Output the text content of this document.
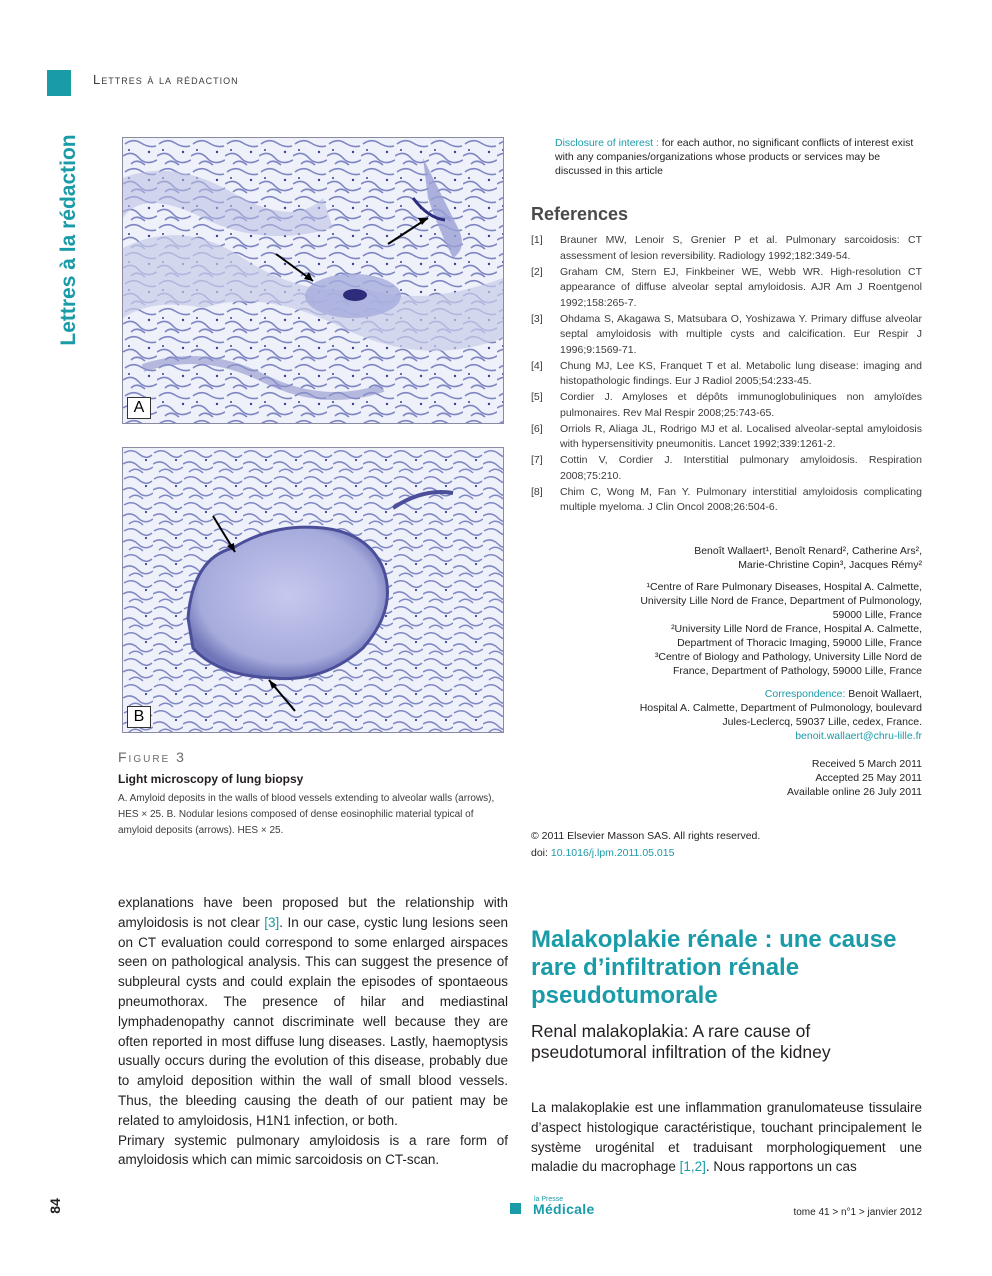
Lettres à la rédaction
Lettres à la rédaction
A
B
Figure 3
Light microscopy of lung biopsy
A. Amyloid deposits in the walls of blood vessels extending to alveolar walls (arrows), HES × 25. B. Nodular lesions composed of dense eosinophilic material typical of amyloid deposits (arrows). HES × 25.
Disclosure of interest : for each author, no significant conflicts of interest exist with any companies/organizations whose products or services may be discussed in this article
References
[1]	Brauner MW, Lenoir S, Grenier P et al. Pulmonary sarcoidosis: CT assessment of lesion reversibility. Radiology 1992;182:349-54.
[2]	Graham CM, Stern EJ, Finkbeiner WE, Webb WR. High-resolution CT appearance of diffuse alveolar septal amyloidosis. AJR Am J Roentgenol 1992;158:265-7.
[3]	Ohdama S, Akagawa S, Matsubara O, Yoshizawa Y. Primary diffuse alveolar septal amyloidosis with multiple cysts and calcification. Eur Respir J 1996;9:1569-71.
[4]	Chung MJ, Lee KS, Franquet T et al. Metabolic lung disease: imaging and histopathologic findings. Eur J Radiol 2005;54:233-45.
[5]	Cordier J. Amyloses et dépôts immunoglobuliniques non amyloïdes pulmonaires. Rev Mal Respir 2008;25:743-65.
[6]	Orriols R, Aliaga JL, Rodrigo MJ et al. Localised alveolar-septal amyloidosis with hypersensitivity pneumonitis. Lancet 1992;339:1261-2.
[7]	Cottin V, Cordier J. Interstitial pulmonary amyloidosis. Respiration 2008;75:210.
[8]	Chim C, Wong M, Fan Y. Pulmonary interstitial amyloidosis complicating multiple myeloma. J Clin Oncol 2008;26:504-6.
Benoît Wallaert¹, Benoît Renard², Catherine Ars²,
Marie-Christine Copin³, Jacques Rémy²
¹Centre of Rare Pulmonary Diseases, Hospital A. Calmette,
University Lille Nord de France, Department of Pulmonology,
59000 Lille, France
²University Lille Nord de France, Hospital A. Calmette,
Department of Thoracic Imaging, 59000 Lille, France
³Centre of Biology and Pathology, University Lille Nord de
France, Department of Pathology, 59000 Lille, France
Correspondence: Benoit Wallaert,
Hospital A. Calmette, Department of Pulmonology, boulevard
Jules-Leclercq, 59037 Lille, cedex, France.
benoit.wallaert@chru-lille.fr
Received 5 March 2011
Accepted 25 May 2011
Available online 26 July 2011
© 2011 Elsevier Masson SAS. All rights reserved.
doi: 10.1016/j.lpm.2011.05.015

explanations have been proposed but the relationship with amyloidosis is not clear [3]. In our case, cystic lung lesions seen on CT evaluation could correspond to some enlarged airspaces seen on pathological analysis. This can suggest the presence of subpleural cysts and could explain the episodes of spontaeous pneumothorax. The presence of hilar and mediastinal lymphadenopathy cannot discriminate well because they are often reported in most diffuse lung diseases. Lastly, haemoptysis usually occurs during the evolution of this disease, probably due to amyloid deposition within the wall of small blood vessels. Thus, the bleeding causing the death of our patient may be related to amyloidosis, H1N1 infection, or both.

Primary systemic pulmonary amyloidosis is a rare form of amyloidosis which can mimic sarcoidosis on CT-scan.

Malakoplakie rénale : une cause rare d’infiltration rénale pseudotumorale
Renal malakoplakia: A rare cause of pseudotumoral infiltration of the kidney
La malakoplakie est une inflammation granulomateuse tissulaire d’aspect histologique caractéristique, touchant principalement le système urogénital et traduisant morphologiquement une maladie du macrophage [1,2]. Nous rapportons un cas
84	la Presse
Médicale	tome 41 > n°1 > janvier 2012
